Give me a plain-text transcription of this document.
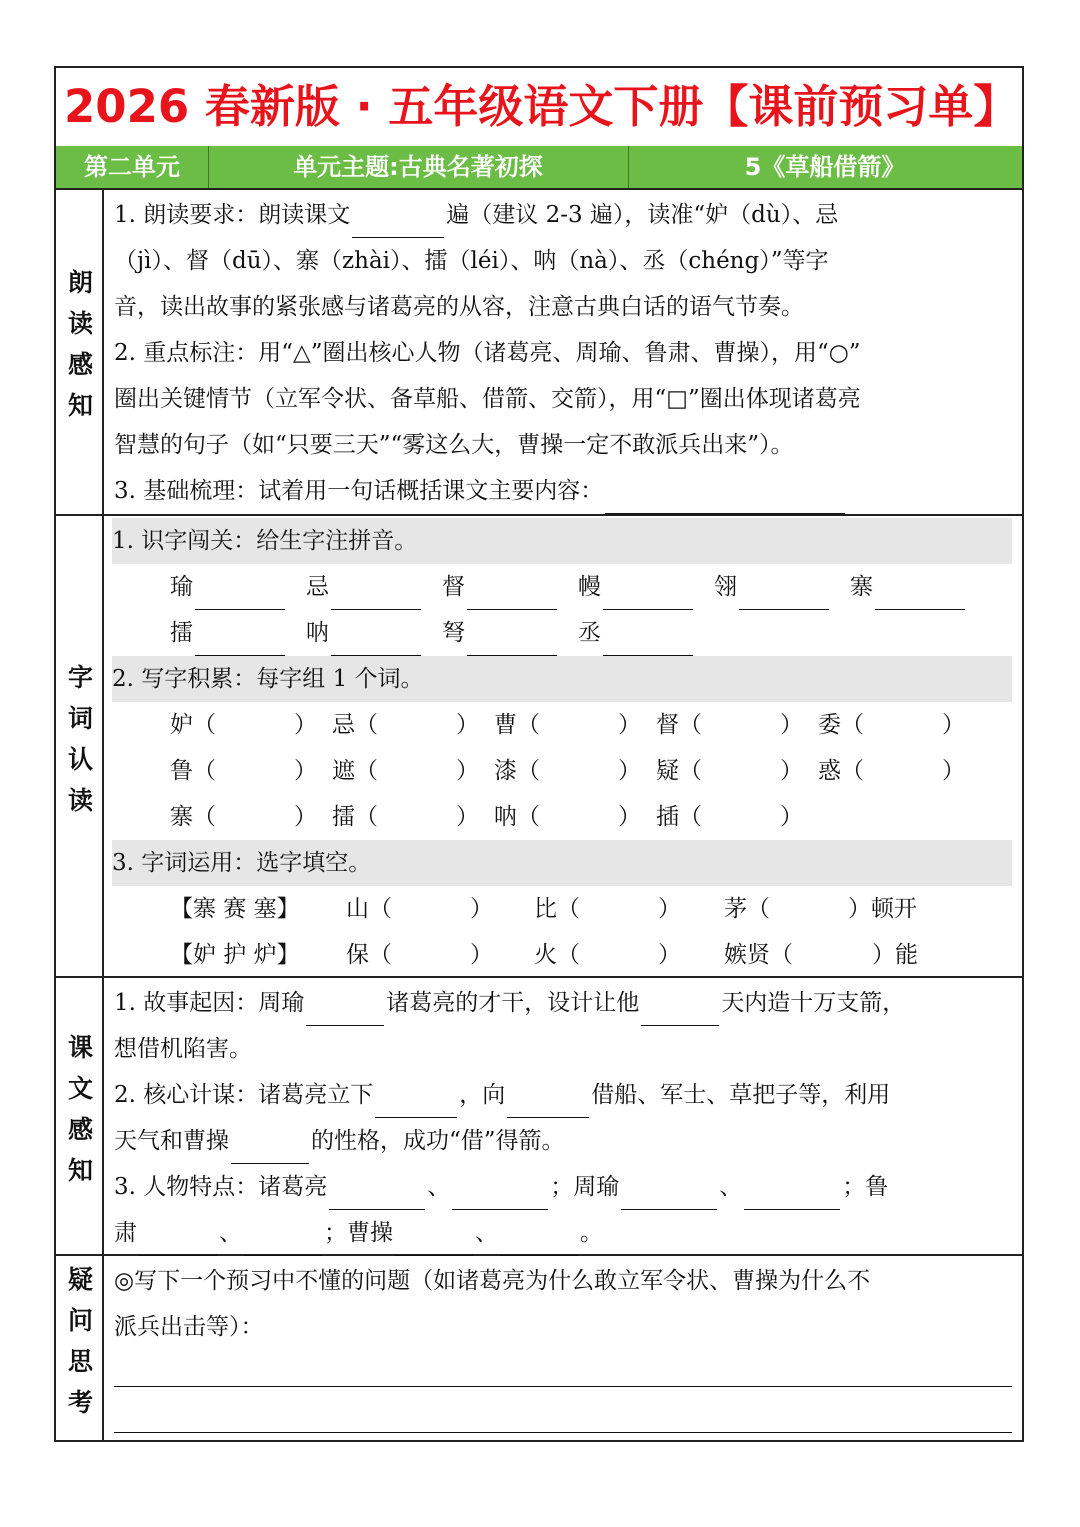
2026 春新版 · 五年级语文下册【课前预习单】
第二单元	单元主题:古典名著初探	5《草船借箭》
朗读感知
1. 朗读要求：朗读课文	遍（建议 2-3 遍），读准“妒（dù）、忌
（jì）、督（dū）、寨（zhài）、擂（léi）、呐（nà）、丞（chéng）”等字
音，读出故事的紧张感与诸葛亮的从容，注意古典白话的语气节奏。
2. 重点标注：用“△”圈出核心人物（诸葛亮、周瑜、鲁肃、曹操），用“○”
圈出关键情节（立军令状、备草船、借箭、交箭），用“□”圈出体现诸葛亮
智慧的句子（如“只要三天”“雾这么大，曹操一定不敢派兵出来”）。
3. 基础梳理：试着用一句话概括课文主要内容：
字词认读
1. 识字闯关：给生字注拼音。
瑜	忌	督	幔	翎	寨
擂	呐	弩	丞
2. 写字积累：每字组 1 个词。
妒（	） 忌（	） 曹（	） 督（	） 委（	）
鲁（	） 遮（	） 漆（	） 疑（	） 惑（	）
寨（	） 擂（	） 呐（	） 插（	）
3. 字词运用：选字填空。
【寨 赛 塞】 山（	） 比（	） 茅（	）顿开
【妒 护 炉】 保（	） 火（	） 嫉贤（	）能
课文感知
1. 故事起因：周瑜	诸葛亮的才干，设计让他	天内造十万支箭，
想借机陷害。
2. 核心计谋：诸葛亮立下	，向	借船、军士、草把子等，利用
天气和曹操	的性格，成功“借”得箭。
3. 人物特点：诸葛亮	、	；周瑜	、	；鲁
肃	、	；曹操	、	。
疑问思考 ◎写下一个预习中不懂的问题（如诸葛亮为什么敢立军令状、曹操为什么不
派兵出击等）：
